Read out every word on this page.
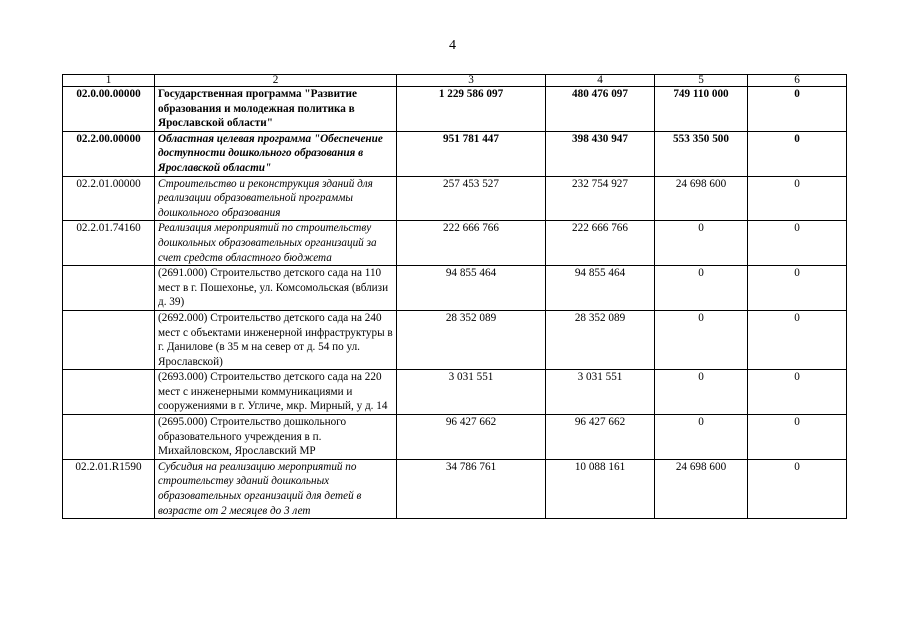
4
1	2	3	4	5	6
02.0.00.00000	Государственная программа "Развитие образования и молодежная политика в Ярославской области"	1 229 586 097	480 476 097	749 110 000	0
02.2.00.00000	Областная целевая программа "Обеспечение доступности дошкольного образования в Ярославской области"	951 781 447	398 430 947	553 350 500	0
02.2.01.00000	Строительство и реконструкция зданий для реализации образовательной программы дошкольного образования	257 453 527	232 754 927	24 698 600	0
02.2.01.74160	Реализация мероприятий по строительству дошкольных образовательных организаций за счет средств областного бюджета	222 666 766	222 666 766	0	0
	(2691.000) Строительство детского сада на 110 мест в г. Пошехонье, ул. Комсомольская (вблизи д. 39)	94 855 464	94 855 464	0	0
	(2692.000) Строительство детского сада на 240 мест с объектами инженерной инфраструктуры в г. Данилове (в 35 м на север от д. 54 по ул. Ярославской)	28 352 089	28 352 089	0	0
	(2693.000) Строительство детского сада на 220 мест с инженерными коммуникациями и сооружениями в г. Угличе, мкр. Мирный, у д. 14	3 031 551	3 031 551	0	0
	(2695.000) Строительство дошкольного образовательного учреждения в п. Михайловском, Ярославский МР	96 427 662	96 427 662	0	0
02.2.01.R1590	Субсидия на реализацию мероприятий по строительству зданий дошкольных образовательных организаций для детей в возрасте от 2 месяцев до 3 лет	34 786 761	10 088 161	24 698 600	0
